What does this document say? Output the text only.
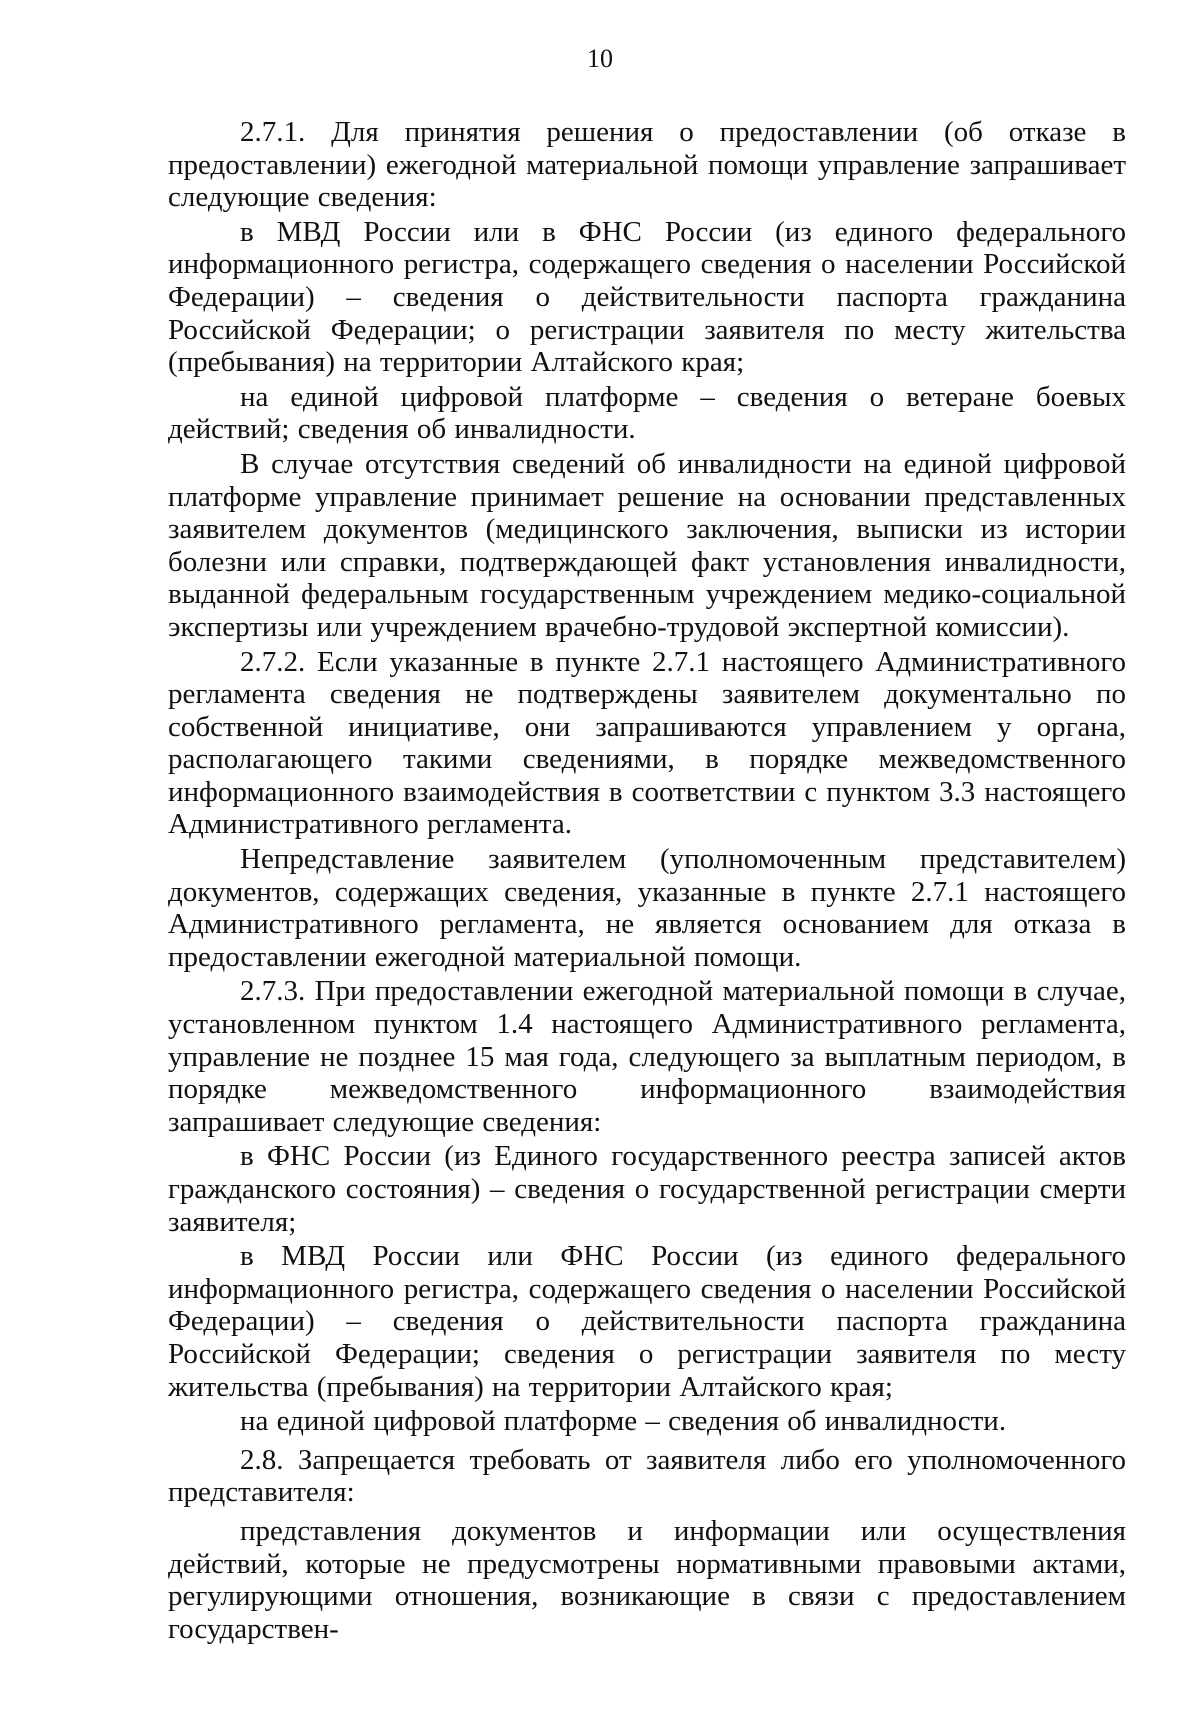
10

2.7.1. Для принятия решения о предоставлении (об отказе в предоставлении) ежегодной материальной помощи управление запрашивает следующие сведения:

в МВД России или в ФНС России (из единого федерального информационного регистра, содержащего сведения о населении Российской Федерации) – сведения о действительности паспорта гражданина Российской Федерации; о регистрации заявителя по месту жительства (пребывания) на территории Алтайского края;

на единой цифровой платформе – сведения о ветеране боевых действий; сведения об инвалидности.

В случае отсутствия сведений об инвалидности на единой цифровой платформе управление принимает решение на основании представленных заявителем документов (медицинского заключения, выписки из истории болезни или справки, подтверждающей факт установления инвалидности, выданной федеральным государственным учреждением медико-социальной экспертизы или учреждением врачебно-трудовой экспертной комиссии).

2.7.2. Если указанные в пункте 2.7.1 настоящего Административного регламента сведения не подтверждены заявителем документально по собственной инициативе, они запрашиваются управлением у органа, располагающего такими сведениями, в порядке межведомственного информационного взаимодействия в соответствии с пунктом 3.3 настоящего Административного регламента.

Непредставление заявителем (уполномоченным представителем) документов, содержащих сведения, указанные в пункте 2.7.1 настоящего Административного регламента, не является основанием для отказа в предоставлении ежегодной материальной помощи.

2.7.3. При предоставлении ежегодной материальной помощи в случае, установленном пунктом 1.4 настоящего Административного регламента, управление не позднее 15 мая года, следующего за выплатным периодом, в порядке межведомственного информационного взаимодействия запрашивает следующие сведения:

в ФНС России (из Единого государственного реестра записей актов гражданского состояния) – сведения о государственной регистрации смерти заявителя;

в МВД России или ФНС России (из единого федерального информационного регистра, содержащего сведения о населении Российской Федерации) – сведения о действительности паспорта гражданина Российской Федерации; сведения о регистрации заявителя по месту жительства (пребывания) на территории Алтайского края;

на единой цифровой платформе – сведения об инвалидности.

2.8. Запрещается требовать от заявителя либо его уполномоченного представителя:

представления документов и информации или осуществления действий, которые не предусмотрены нормативными правовыми актами, регулирующими отношения, возникающие в связи с предоставлением государствен-
